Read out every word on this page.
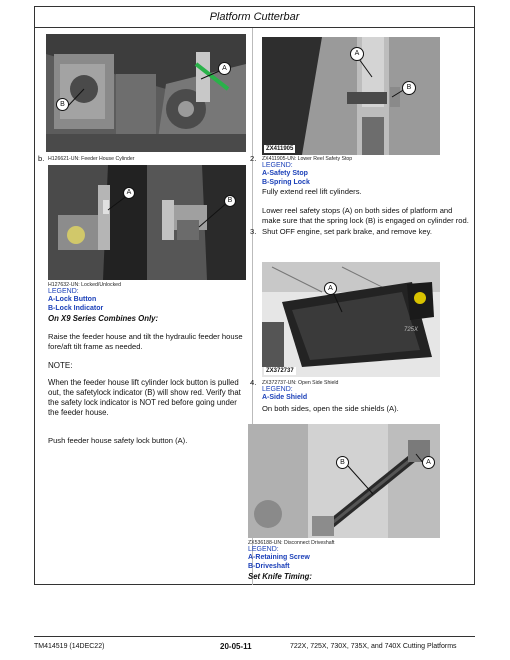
Platform Cutterbar
A
B
b. H126621-UN: Feeder House Cylinder
A
B
H127632-UN: Locked/Unlocked
LEGEND:
A-Lock Button
B-Lock Indicator
On X9 Series Combines Only:
Raise the feeder house and tilt the hydraulic feeder house fore/aft tilt frame as needed.
NOTE:
When the feeder house lift cylinder lock button is pulled out, the safetylock indicator (B) will show red. Verify that the safety lock indicator is NOT red before going under the feeder house.
Push feeder house safety lock button (A).
A
B
ZX411905
2. ZX411905-UN: Lower Reel Safety Stop
LEGEND:
A-Safety Stop
B-Spring Lock
Fully extend reel lift cylinders.
Lower reel safety stops (A) on both sides of platform and make sure that the spring lock (B) is engaged on cylinder rod.
3. Shut OFF engine, set park brake, and remove key.
725X
A
ZX372737
4. ZX372737-UN: Open Side Shield
LEGEND:
A-Side Shield
On both sides, open the side shields (A).
B	A
ZX536188-UN: Disconnect Driveshaft
LEGEND:
A-Retaining Screw
B-Driveshaft
Set Knife Timing:
TM414519 (14DEC22)	20-05-11	722X, 725X, 730X, 735X, and 740X Cutting Platforms
